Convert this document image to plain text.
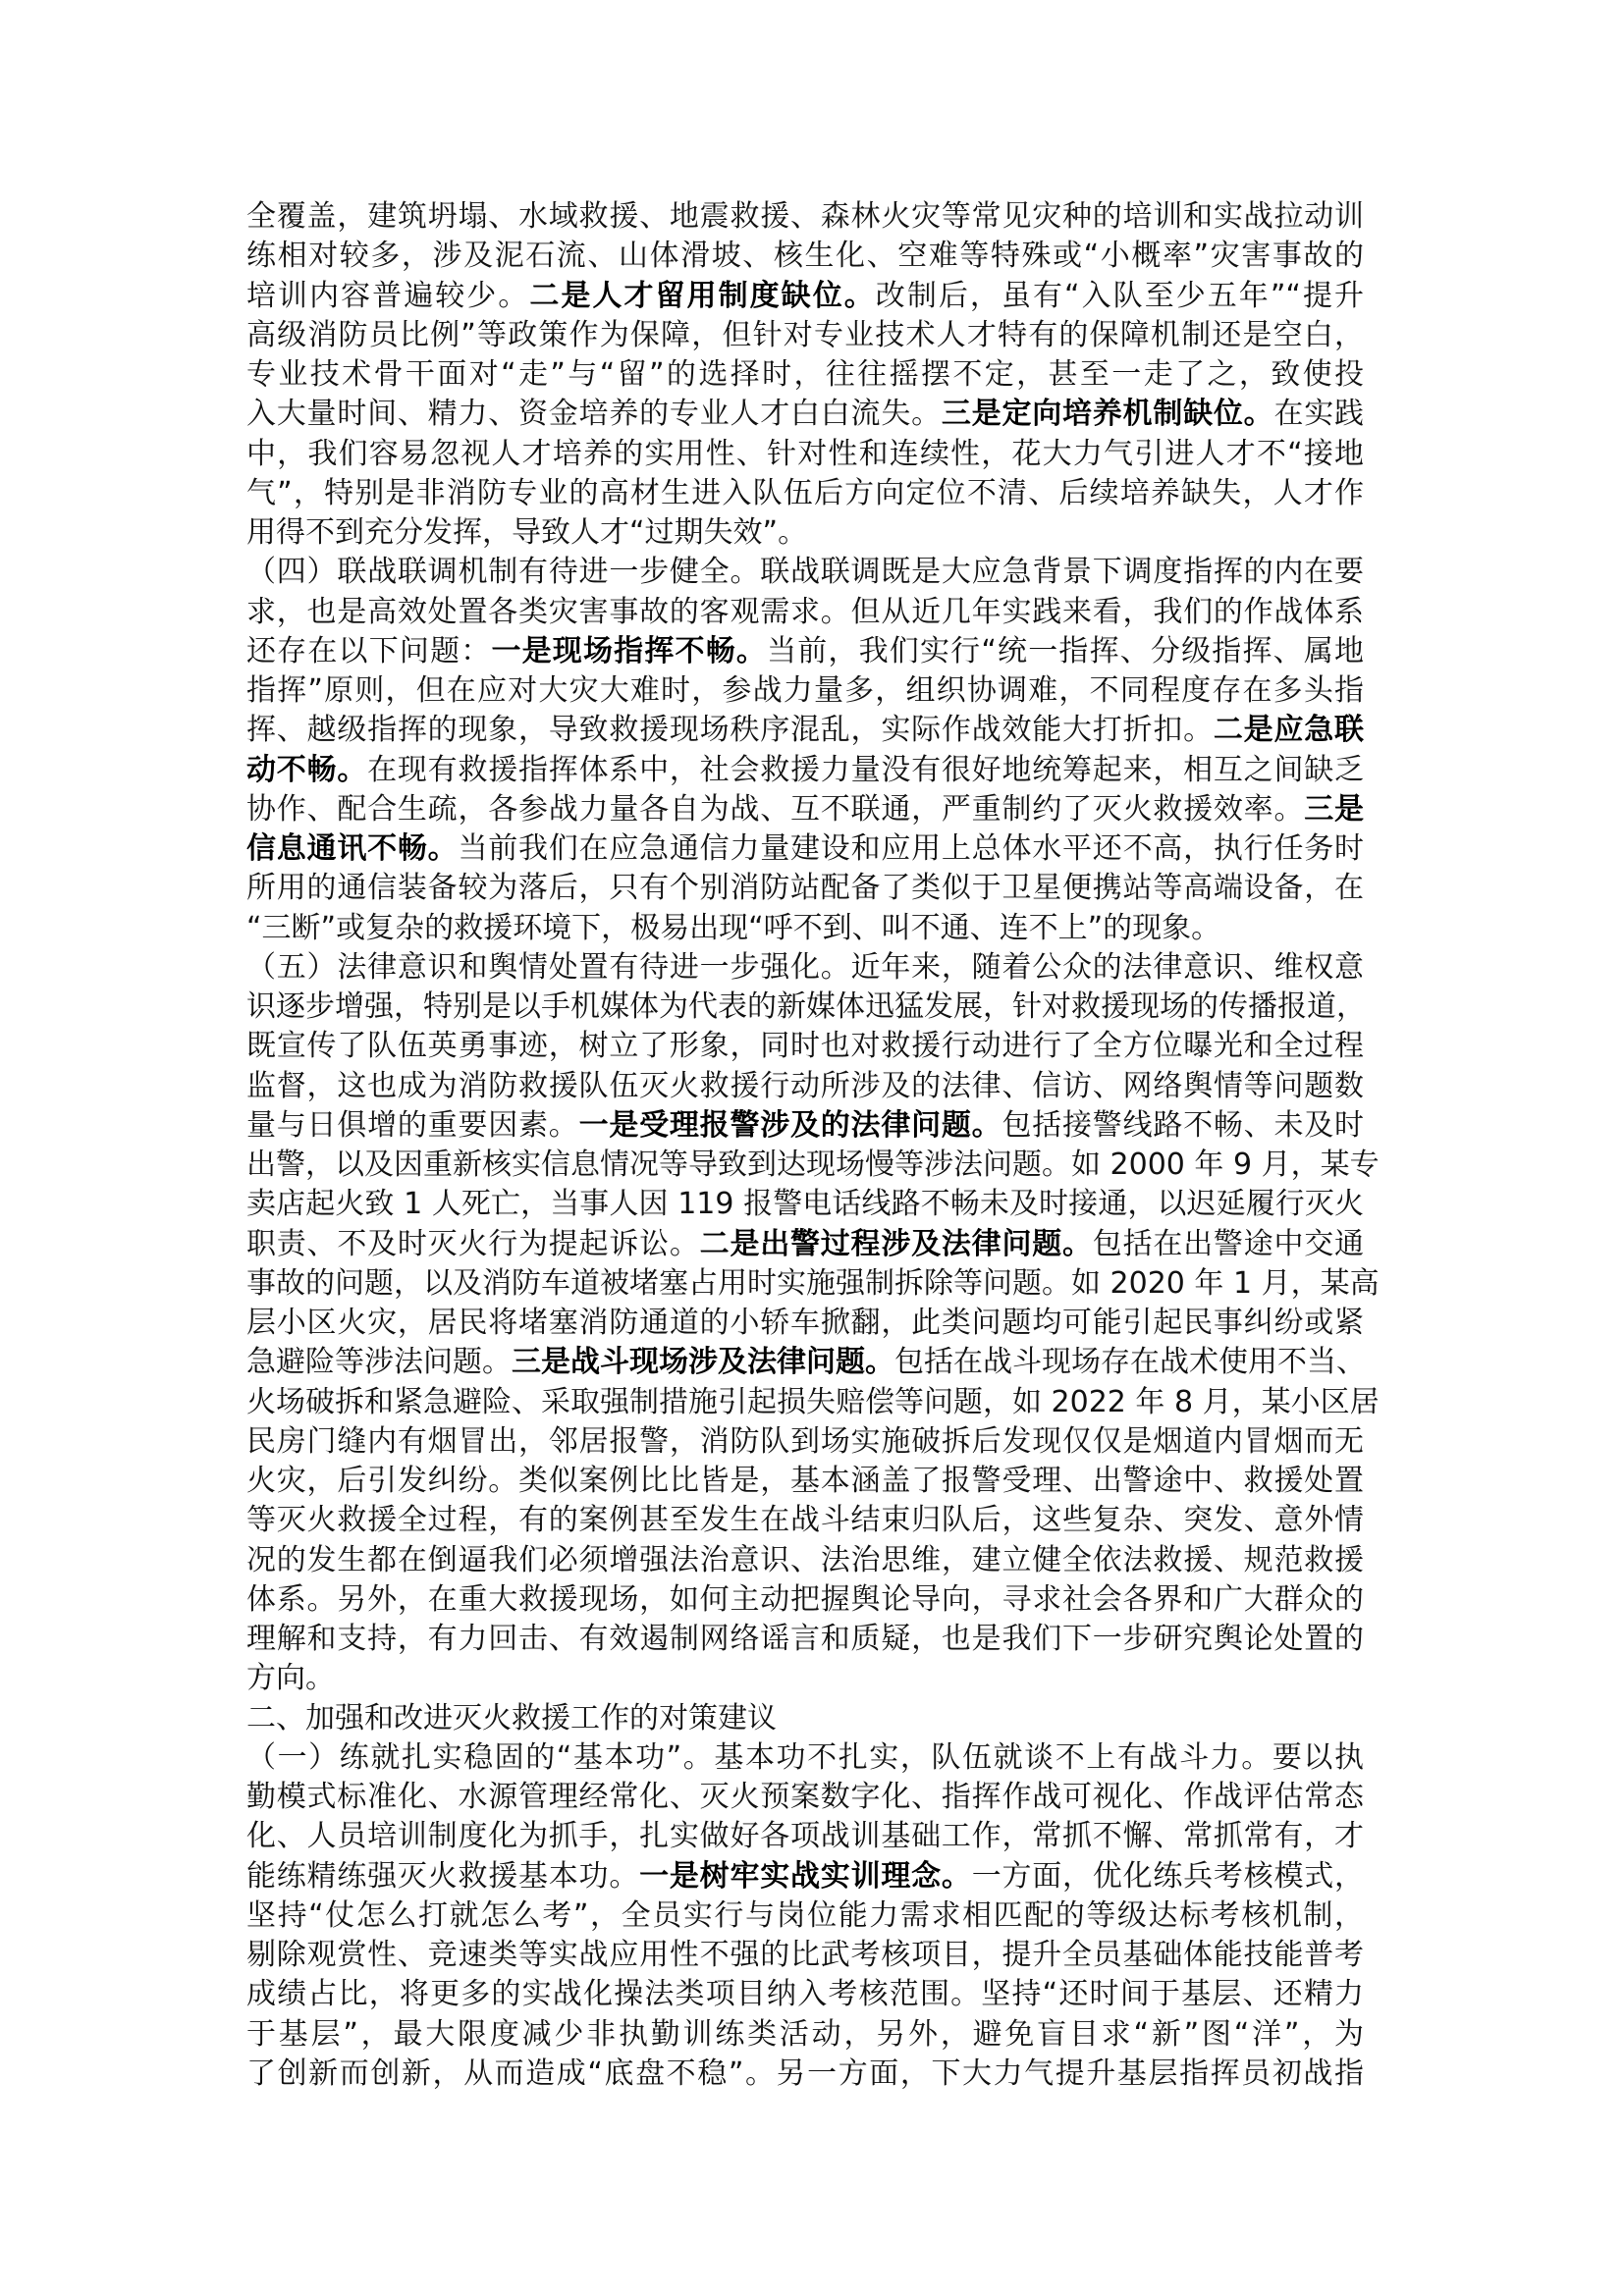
全覆盖，建筑坍塌、水域救援、地震救援、森林火灾等常见灾种的培训和实战拉动训
练相对较多，涉及泥石流、山体滑坡、核生化、空难等特殊或“小概率”灾害事故的
培训内容普遍较少。二是人才留用制度缺位。改制后，虽有“入队至少五年”“提升
高级消防员比例”等政策作为保障，但针对专业技术人才特有的保障机制还是空白，
专业技术骨干面对“走”与“留”的选择时，往往摇摆不定，甚至一走了之，致使投
入大量时间、精力、资金培养的专业人才白白流失。三是定向培养机制缺位。在实践
中，我们容易忽视人才培养的实用性、针对性和连续性，花大力气引进人才不“接地
气”，特别是非消防专业的高材生进入队伍后方向定位不清、后续培养缺失，人才作
用得不到充分发挥，导致人才“过期失效”。
（四）联战联调机制有待进一步健全。联战联调既是大应急背景下调度指挥的内在要
求，也是高效处置各类灾害事故的客观需求。但从近几年实践来看，我们的作战体系
还存在以下问题：一是现场指挥不畅。当前，我们实行“统一指挥、分级指挥、属地
指挥”原则，但在应对大灾大难时，参战力量多，组织协调难，不同程度存在多头指
挥、越级指挥的现象，导致救援现场秩序混乱，实际作战效能大打折扣。二是应急联
动不畅。在现有救援指挥体系中，社会救援力量没有很好地统筹起来，相互之间缺乏
协作、配合生疏，各参战力量各自为战、互不联通，严重制约了灭火救援效率。三是
信息通讯不畅。当前我们在应急通信力量建设和应用上总体水平还不高，执行任务时
所用的通信装备较为落后，只有个别消防站配备了类似于卫星便携站等高端设备，在
“三断”或复杂的救援环境下，极易出现“呼不到、叫不通、连不上”的现象。
（五）法律意识和舆情处置有待进一步强化。近年来，随着公众的法律意识、维权意
识逐步增强，特别是以手机媒体为代表的新媒体迅猛发展，针对救援现场的传播报道，
既宣传了队伍英勇事迹，树立了形象，同时也对救援行动进行了全方位曝光和全过程
监督，这也成为消防救援队伍灭火救援行动所涉及的法律、信访、网络舆情等问题数
量与日俱增的重要因素。一是受理报警涉及的法律问题。包括接警线路不畅、未及时
出警，以及因重新核实信息情况等导致到达现场慢等涉法问题。如 2000 年 9 月，某专
卖店起火致 1 人死亡，当事人因 119 报警电话线路不畅未及时接通，以迟延履行灭火
职责、不及时灭火行为提起诉讼。二是出警过程涉及法律问题。包括在出警途中交通
事故的问题，以及消防车道被堵塞占用时实施强制拆除等问题。如 2020 年 1 月，某高
层小区火灾，居民将堵塞消防通道的小轿车掀翻，此类问题均可能引起民事纠纷或紧
急避险等涉法问题。三是战斗现场涉及法律问题。包括在战斗现场存在战术使用不当、
火场破拆和紧急避险、采取强制措施引起损失赔偿等问题，如 2022 年 8 月，某小区居
民房门缝内有烟冒出，邻居报警，消防队到场实施破拆后发现仅仅是烟道内冒烟而无
火灾，后引发纠纷。类似案例比比皆是，基本涵盖了报警受理、出警途中、救援处置
等灭火救援全过程，有的案例甚至发生在战斗结束归队后，这些复杂、突发、意外情
况的发生都在倒逼我们必须增强法治意识、法治思维，建立健全依法救援、规范救援
体系。另外，在重大救援现场，如何主动把握舆论导向，寻求社会各界和广大群众的
理解和支持，有力回击、有效遏制网络谣言和质疑，也是我们下一步研究舆论处置的
方向。
二、加强和改进灭火救援工作的对策建议
（一）练就扎实稳固的“基本功”。基本功不扎实，队伍就谈不上有战斗力。要以执
勤模式标准化、水源管理经常化、灭火预案数字化、指挥作战可视化、作战评估常态
化、人员培训制度化为抓手，扎实做好各项战训基础工作，常抓不懈、常抓常有，才
能练精练强灭火救援基本功。一是树牢实战实训理念。一方面，优化练兵考核模式，
坚持“仗怎么打就怎么考”，全员实行与岗位能力需求相匹配的等级达标考核机制，
剔除观赏性、竞速类等实战应用性不强的比武考核项目，提升全员基础体能技能普考
成绩占比，将更多的实战化操法类项目纳入考核范围。坚持“还时间于基层、还精力
于基层”，最大限度减少非执勤训练类活动，另外，避免盲目求“新”图“洋”，为
了创新而创新，从而造成“底盘不稳”。另一方面，下大力气提升基层指挥员初战指
